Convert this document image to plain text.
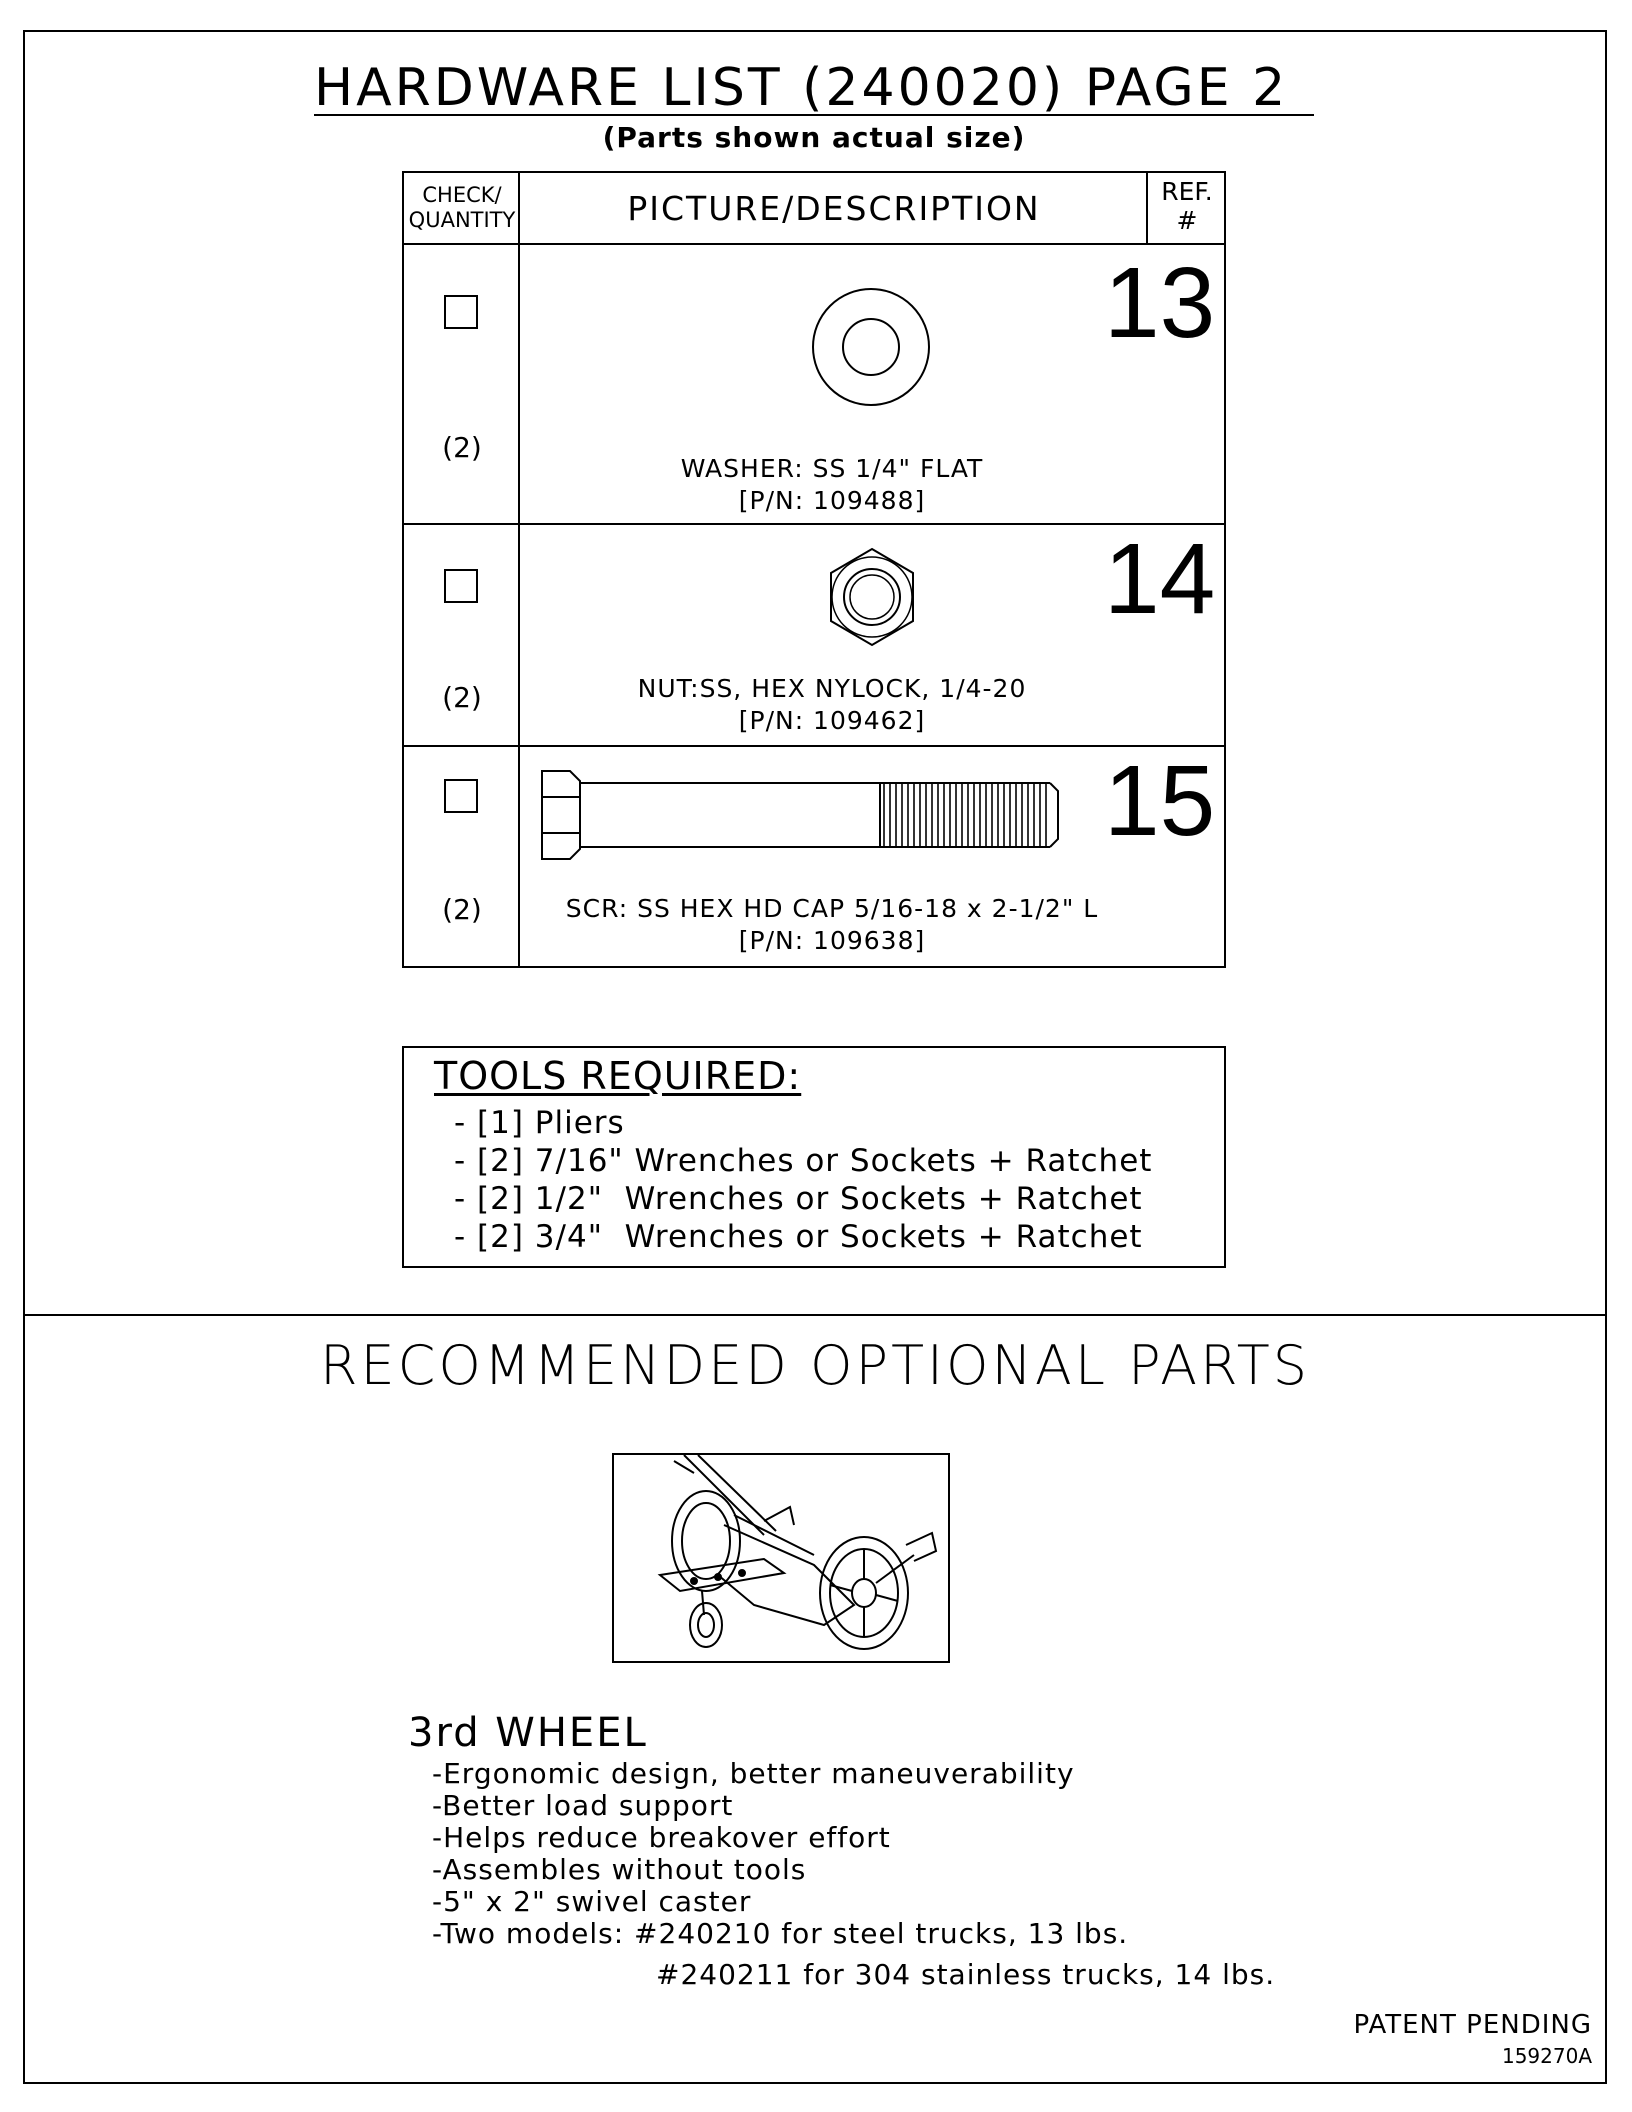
HARDWARE LIST (240020) PAGE 2
(Parts shown actual size)
CHECK/
QUANTITY	PICTURE/DESCRIPTION	REF.
#
(2)
13
WASHER: SS 1/4" FLAT
[P/N: 109488]
(2)
14
NUT:SS, HEX NYLOCK, 1/4-20
[P/N: 109462]
(2)
15
SCR: SS HEX HD CAP 5/16-18 x 2-1/2" L
[P/N: 109638]
TOOLS REQUIRED:
- [1] Pliers
- [2] 7/16" Wrenches or Sockets + Ratchet
- [2] 1/2"  Wrenches or Sockets + Ratchet
- [2] 3/4"  Wrenches or Sockets + Ratchet
RECOMMENDED OPTIONAL PARTS
3rd WHEEL
-Ergonomic design, better maneuverability
-Better load support
-Helps reduce breakover effort
-Assembles without tools
-5" x 2" swivel caster
-Two models: #240210 for steel trucks, 13 lbs.
#240211 for 304 stainless trucks, 14 lbs.
PATENT PENDING
159270A
